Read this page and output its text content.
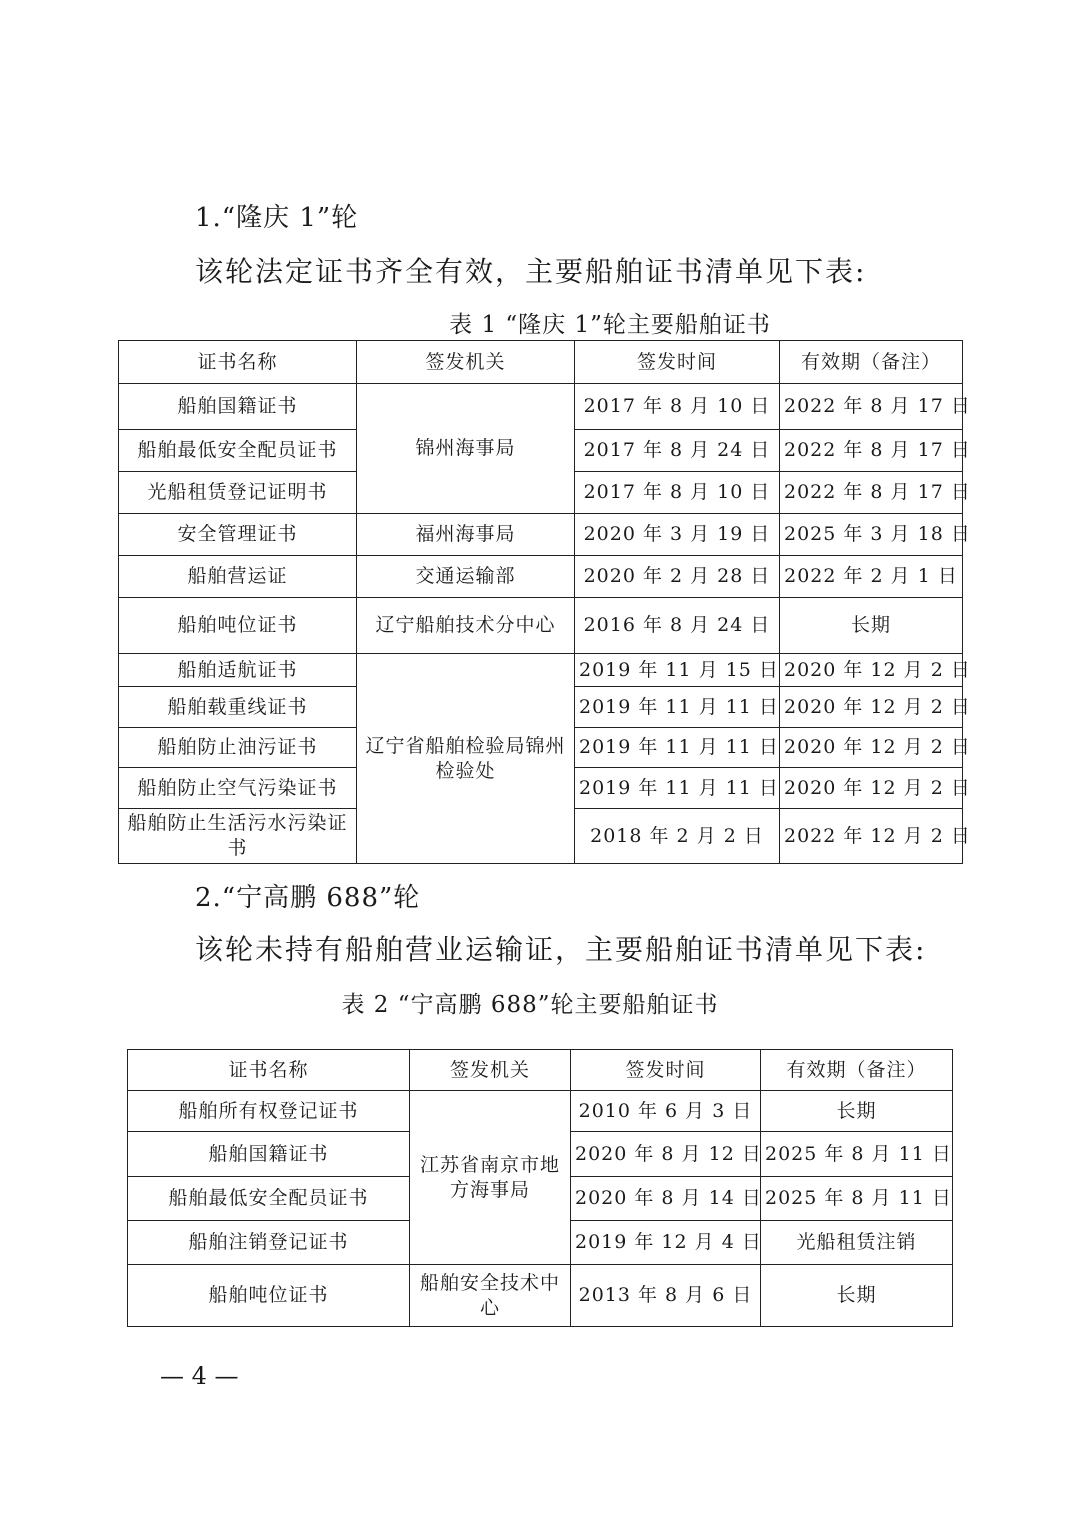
1.“隆庆 1”轮
该轮法定证书齐全有效，主要船舶证书清单见下表:
表 1 “隆庆 1”轮主要船舶证书
证书名称	签发机关	签发时间	有效期（备注）
船舶国籍证书	锦州海事局	2017 年 8 月 10 日	2022 年 8 月 17 日
船舶最低安全配员证书		2017 年 8 月 24 日	2022 年 8 月 17 日
光船租赁登记证明书		2017 年 8 月 10 日	2022 年 8 月 17 日
安全管理证书	福州海事局	2020 年 3 月 19 日	2025 年 3 月 18 日
船舶营运证	交通运输部	2020 年 2 月 28 日	2022 年 2 月 1 日
船舶吨位证书	辽宁船舶技术分中心	2016 年 8 月 24 日	长期
船舶适航证书	辽宁省船舶检验局锦州检验处	2019 年 11 月 15 日	2020 年 12 月 2 日
船舶载重线证书		2019 年 11 月 11 日	2020 年 12 月 2 日
船舶防止油污证书		2019 年 11 月 11 日	2020 年 12 月 2 日
船舶防止空气污染证书		2019 年 11 月 11 日	2020 年 12 月 2 日
船舶防止生活污水污染证书		2018 年 2 月 2 日	2022 年 12 月 2 日
2.“宁高鹏 688”轮
该轮未持有船舶营业运输证，主要船舶证书清单见下表:
表 2 “宁高鹏 688”轮主要船舶证书
证书名称	签发机关	签发时间	有效期（备注）
船舶所有权登记证书	江苏省南京市地方海事局	2010 年 6 月 3 日	长期
船舶国籍证书		2020 年 8 月 12 日	2025 年 8 月 11 日
船舶最低安全配员证书		2020 年 8 月 14 日	2025 年 8 月 11 日
船舶注销登记证书		2019 年 12 月 4 日	光船租赁注销
船舶吨位证书	船舶安全技术中心	2013 年 8 月 6 日	长期
— 4 —
